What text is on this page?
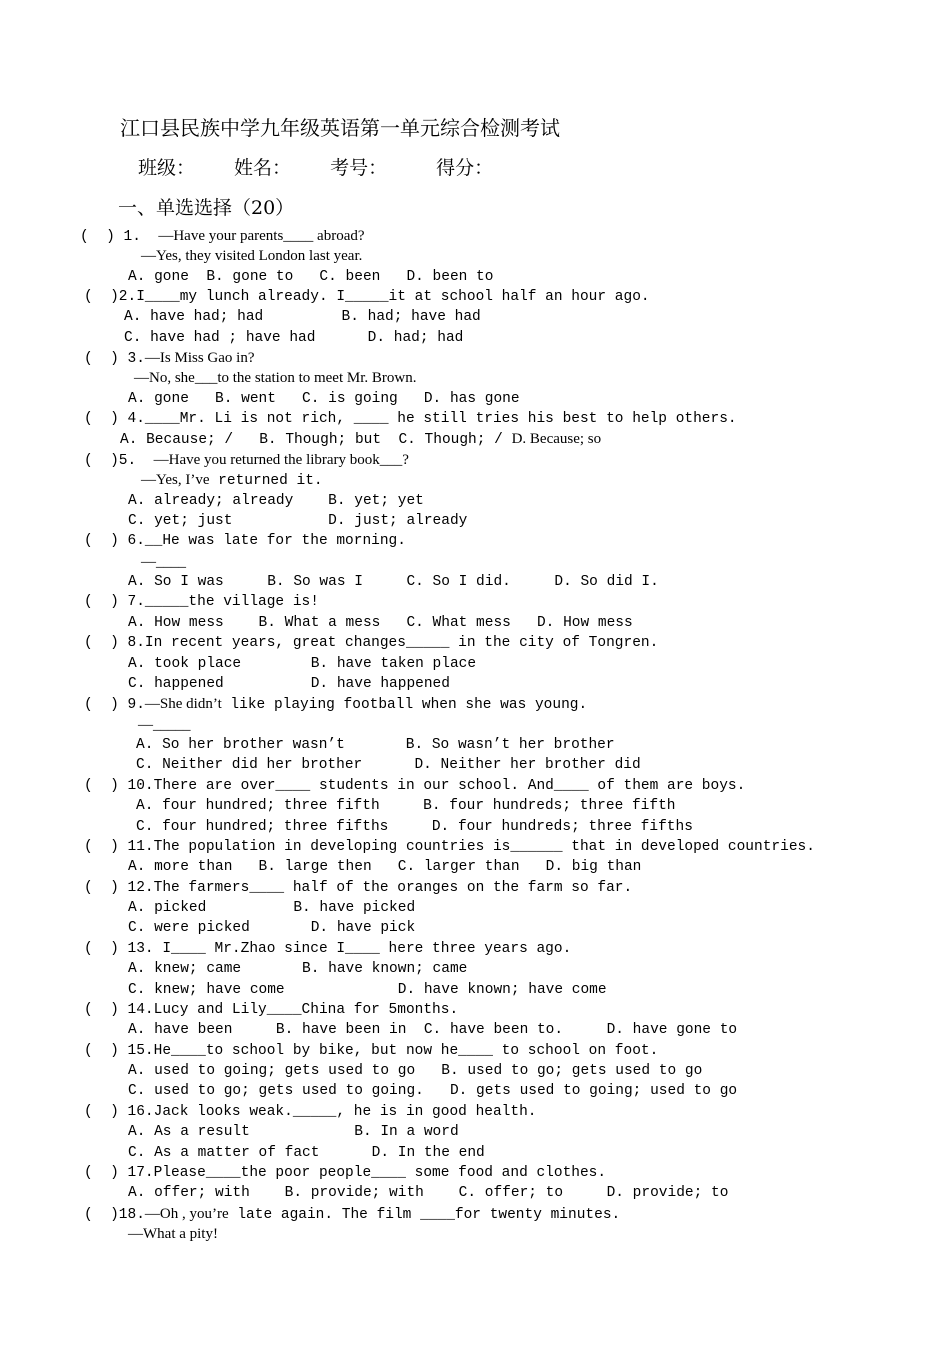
江口县民族中学九年级英语第一单元综合检测考试
班级： 姓名： 考号：	得分：
一、单选选择（20）
(  ) 1.  —Have your parents____ abroad?
—Yes, they visited London last year.
A. gone  B. gone to   C. been   D. been to
(  )2.I____my lunch already. I_____it at school half an hour ago.
A. have had; had         B. had; have had
C. have had ; have had      D. had; had
(  ) 3.—Is Miss Gao in?
—No, she___to the station to meet Mr. Brown.
A. gone   B. went   C. is going   D. has gone
(  ) 4.____Mr. Li is not rich, ____ he still tries his best to help others.
A. Because; /   B. Though; but  C. Though; / D. Because; so
(  )5.  —Have you returned the library book___?
—Yes, I’ve returned it.
A. already; already    B. yet; yet
C. yet; just           D. just; already
(  ) 6.__He was late for the morning.
—____
A. So I was     B. So was I     C. So I did.     D. So did I.
(  ) 7._____the village is!
A. How mess    B. What a mess   C. What mess   D. How mess
(  ) 8.In recent years, great changes_____ in the city of Tongren.
A. took place        B. have taken place
C. happened          D. have happened
(  ) 9.—She didn’t like playing football when she was young.
—_____
A. So her brother wasn’t       B. So wasn’t her brother
C. Neither did her brother      D. Neither her brother did
(  ) 10.There are over____ students in our school. And____ of them are boys.
A. four hundred; three fifth     B. four hundreds; three fifth
C. four hundred; three fifths     D. four hundreds; three fifths
(  ) 11.The population in developing countries is______ that in developed countries.
A. more than   B. large then   C. larger than   D. big than
(  ) 12.The farmers____ half of the oranges on the farm so far.
A. picked          B. have picked
C. were picked       D. have pick
(  ) 13. I____ Mr.Zhao since I____ here three years ago.
A. knew; came       B. have known; came
C. knew; have come             D. have known; have come
(  ) 14.Lucy and Lily____China for 5months.
A. have been     B. have been in  C. have been to.     D. have gone to
(  ) 15.He____to school by bike, but now he____ to school on foot.
A. used to going; gets used to go   B. used to go; gets used to go
C. used to go; gets used to going.   D. gets used to going; used to go
(  ) 16.Jack looks weak._____, he is in good health.
A. As a result            B. In a word
C. As a matter of fact      D. In the end
(  ) 17.Please____the poor people____ some food and clothes.
A. offer; with    B. provide; with    C. offer; to     D. provide; to
(  )18.—Oh , you’re late again. The film ____for twenty minutes.
—What a pity!
